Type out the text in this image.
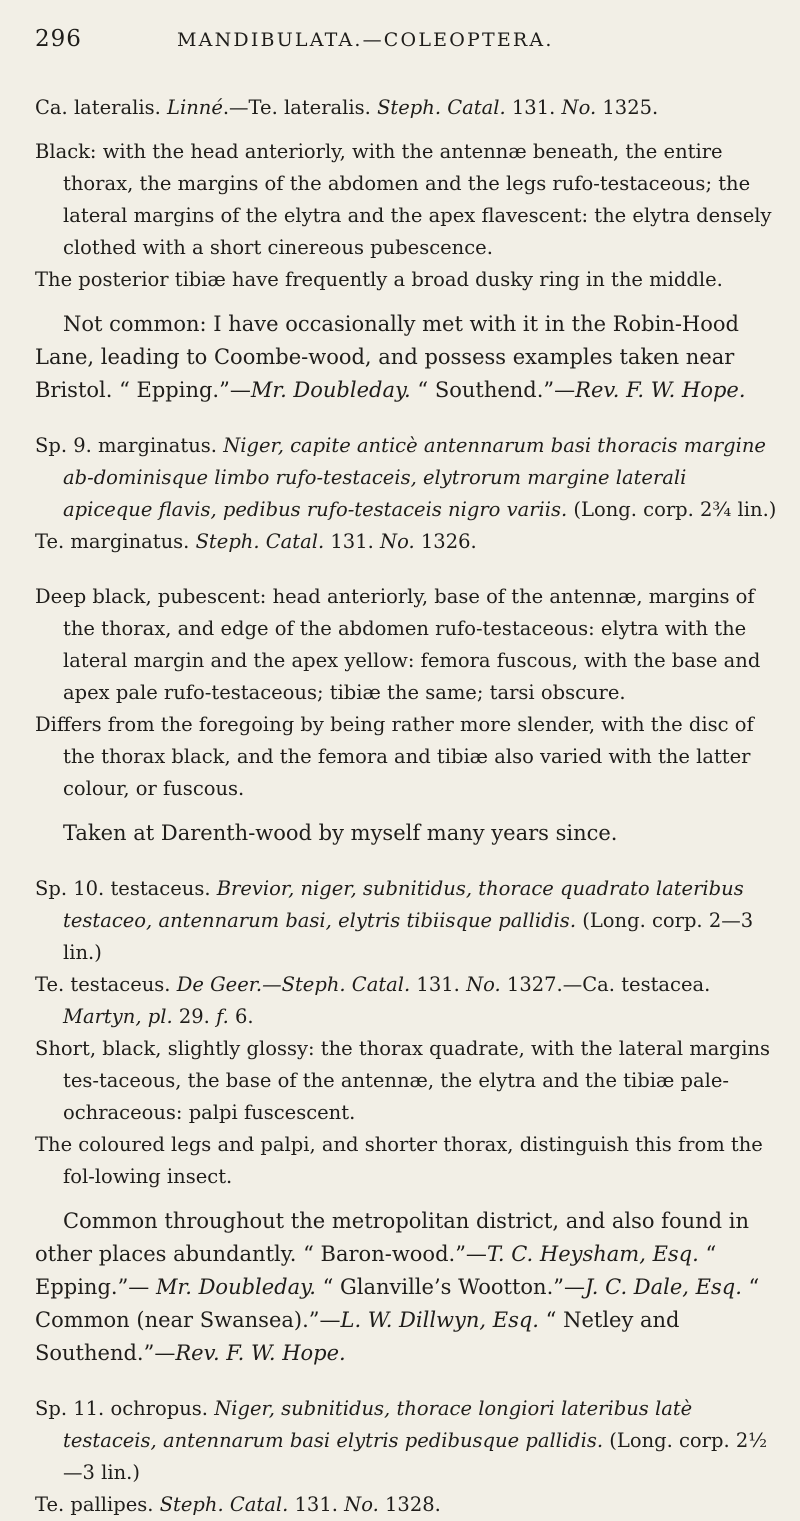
296	MANDIBULATA.—COLEOPTERA.

Ca. lateralis. Linné.—Te. lateralis. Steph. Catal. 131. No. 1325.

Black: with the head anteriorly, with the antennæ beneath, the entire thorax, the margins of the abdomen and the legs rufo-testaceous; the lateral margins of the elytra and the apex flavescent: the elytra densely clothed with a short cinereous pubescence.

The posterior tibiæ have frequently a broad dusky ring in the middle.

Not common: I have occasionally met with it in the Robin-Hood Lane, leading to Coombe-wood, and possess examples taken near Bristol. “ Epping.”—Mr. Doubleday. “ Southend.”—Rev. F. W. Hope.

Sp. 9. marginatus. Niger, capite anticè antennarum basi thoracis margine ab-dominisque limbo rufo-testaceis, elytrorum margine laterali apiceque flavis, pedibus rufo-testaceis nigro variis. (Long. corp. 2¾ lin.)

Te. marginatus. Steph. Catal. 131. No. 1326.

Deep black, pubescent: head anteriorly, base of the antennæ, margins of the thorax, and edge of the abdomen rufo-testaceous: elytra with the lateral margin and the apex yellow: femora fuscous, with the base and apex pale rufo-testaceous; tibiæ the same; tarsi obscure.

Differs from the foregoing by being rather more slender, with the disc of the thorax black, and the femora and tibiæ also varied with the latter colour, or fuscous.

Taken at Darenth-wood by myself many years since.

Sp. 10. testaceus. Brevior, niger, subnitidus, thorace quadrato lateribus testaceo, antennarum basi, elytris tibiisque pallidis. (Long. corp. 2—3 lin.)

Te. testaceus. De Geer.—Steph. Catal. 131. No. 1327.—Ca. testacea. Martyn, pl. 29. f. 6.

Short, black, slightly glossy: the thorax quadrate, with the lateral margins tes-taceous, the base of the antennæ, the elytra and the tibiæ pale-ochraceous: palpi fuscescent.

The coloured legs and palpi, and shorter thorax, distinguish this from the fol-lowing insect.

Common throughout the metropolitan district, and also found in other places abundantly. “ Baron-wood.”—T. C. Heysham, Esq. “ Epping.”— Mr. Doubleday. “ Glanville’s Wootton.”—J. C. Dale, Esq. “ Common (near Swansea).”—L. W. Dillwyn, Esq. “ Netley and Southend.”—Rev. F. W. Hope.

Sp. 11. ochropus. Niger, subnitidus, thorace longiori lateribus latè testaceis, antennarum basi elytris pedibusque pallidis. (Long. corp. 2½—3 lin.)

Te. pallipes. Steph. Catal. 131. No. 1328.
